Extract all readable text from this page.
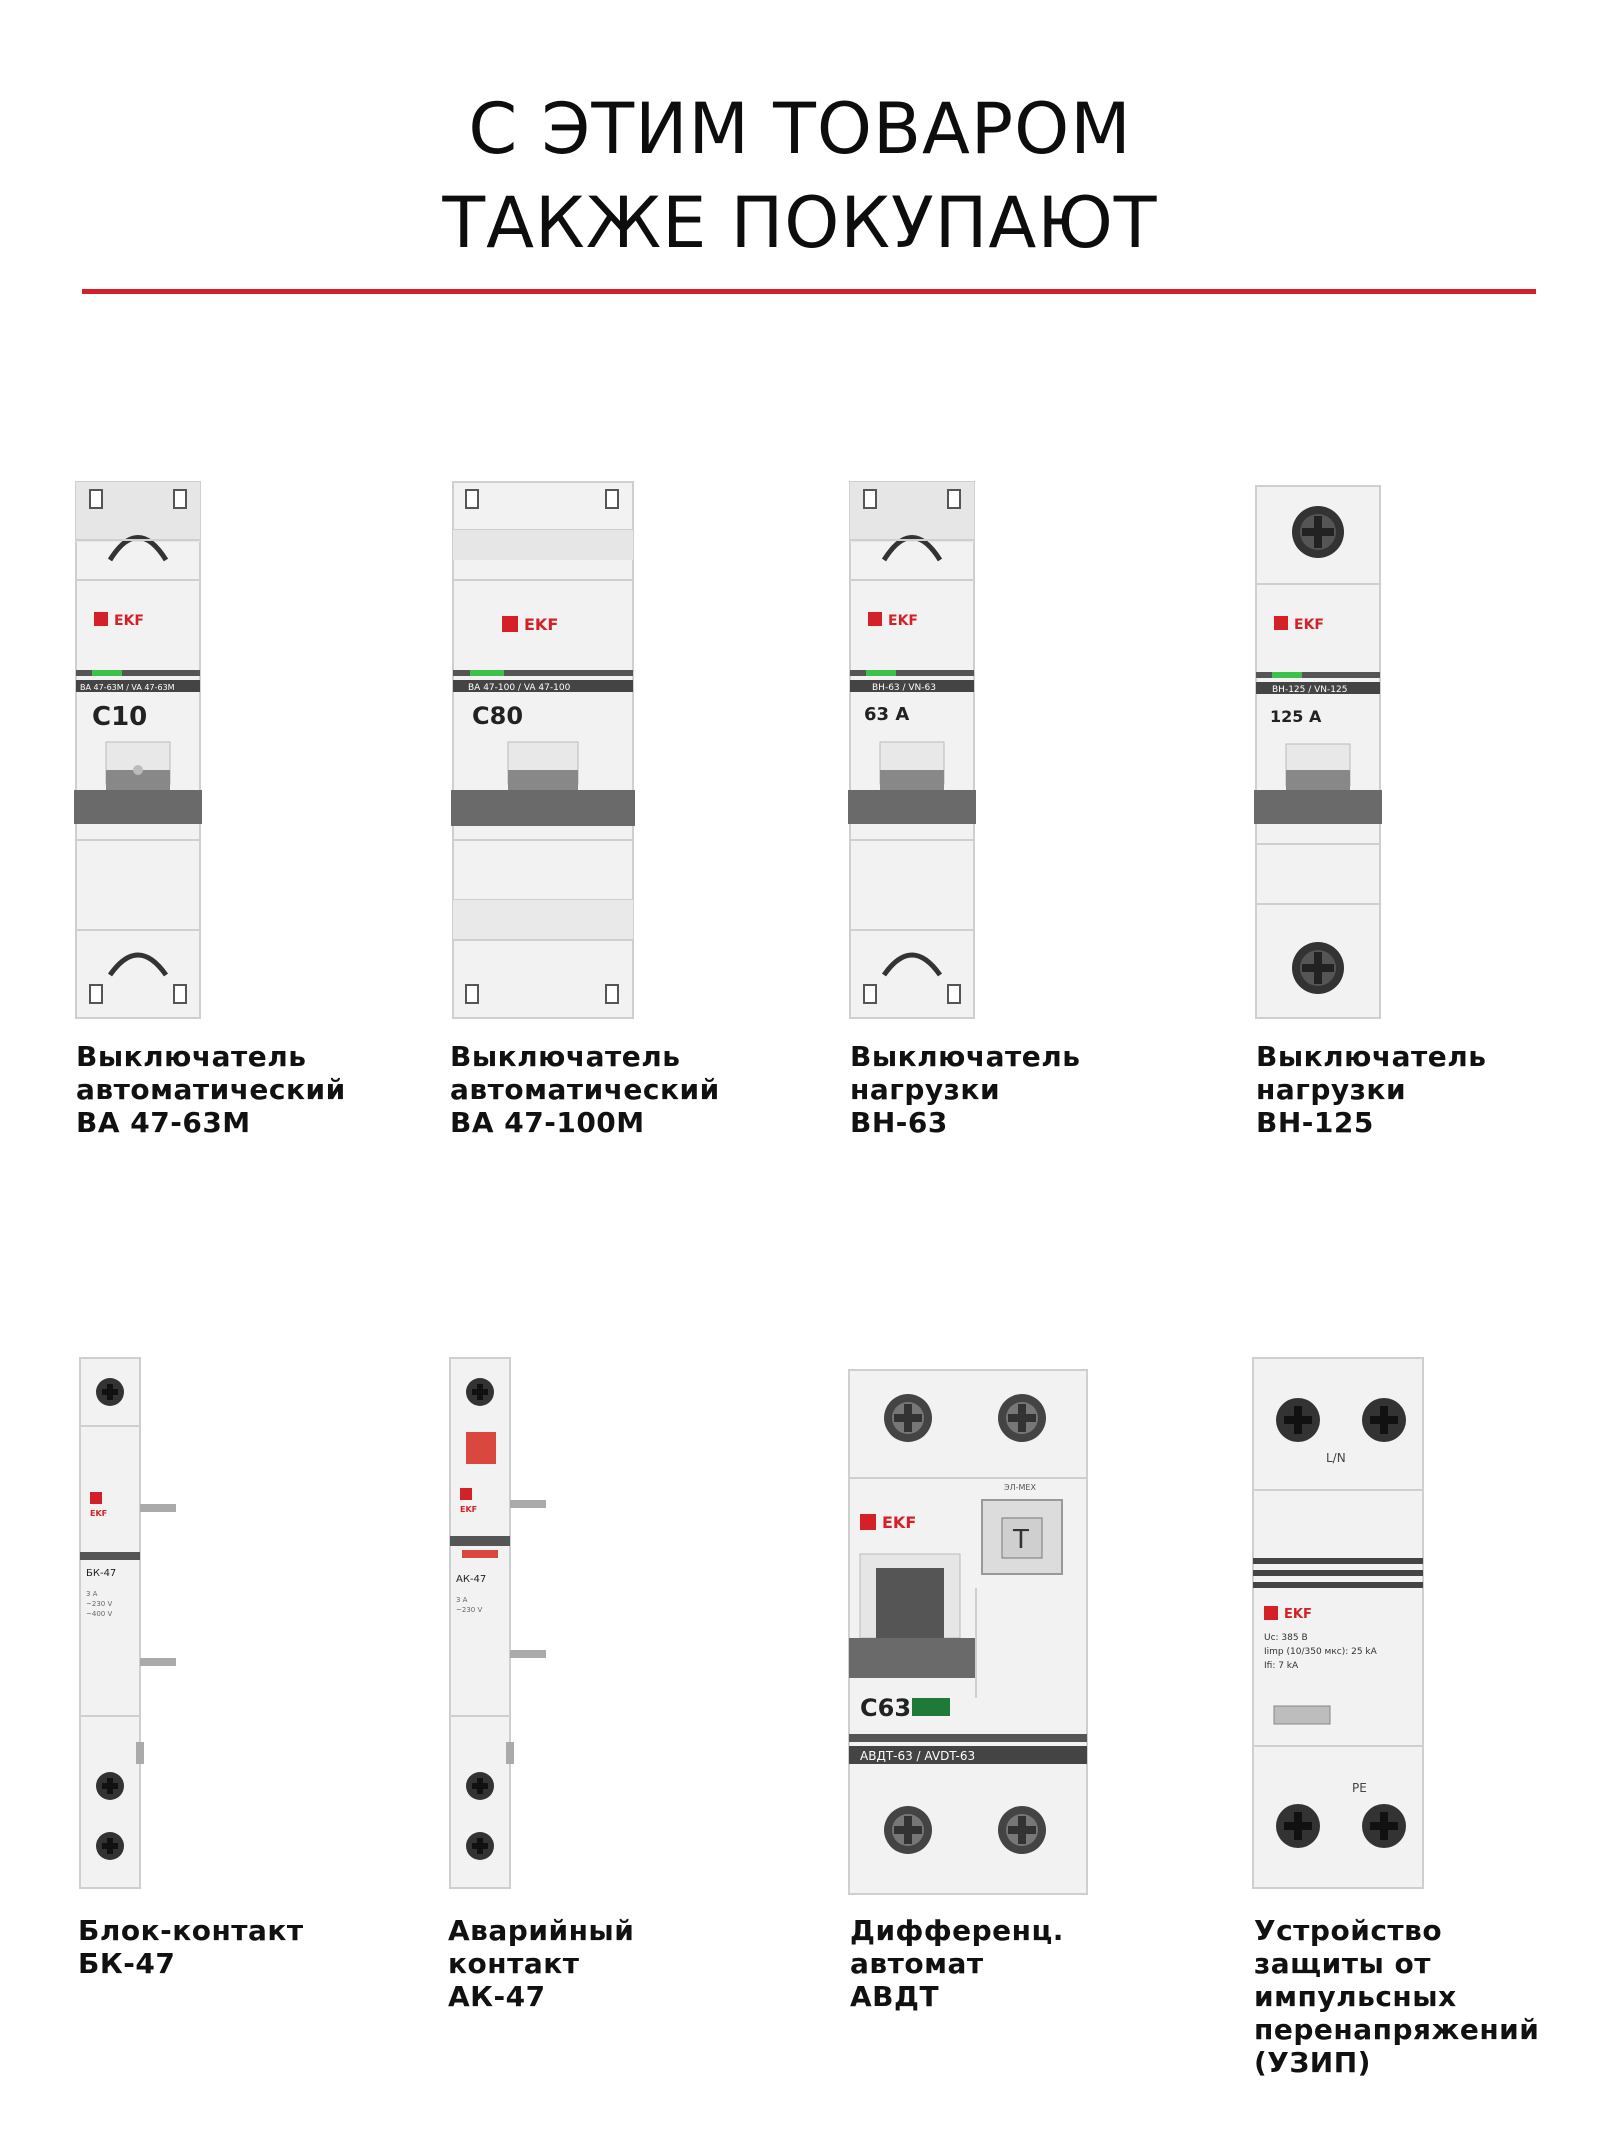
С ЭТИМ ТОВАРОМ
ТАКЖЕ ПОКУПАЮТ
EKF
ВА 47-63М / VA 47-63M
C10
Выключатель
автоматический
ВА 47-63М
EKF
ВА 47-100 / VA 47-100
C80
Выключатель
автоматический
ВА 47-100М
EKF
ВН-63 / VN-63
63 A
Выключатель
нагрузки
ВН-63
EKF
ВН-125 / VN-125
125 A
Выключатель
нагрузки
ВН-125
EKF
БК-47
3 A
~230 V
~400 V
Блок-контакт
БК-47
EKF
АК-47
3 A
~230 V
Аварийный
контакт
АК-47
EKF
ЭЛ-МЕХ
T
C63
АВДТ-63 / AVDT-63
Дифференц.
автомат
АВДТ
L/N
EKF
Uc: 385 B
Iimp (10/350 мкс): 25 kA
Ifi: 7 kA
PE
Устройство
защиты от
импульсных
перенапряжений
(УЗИП)
